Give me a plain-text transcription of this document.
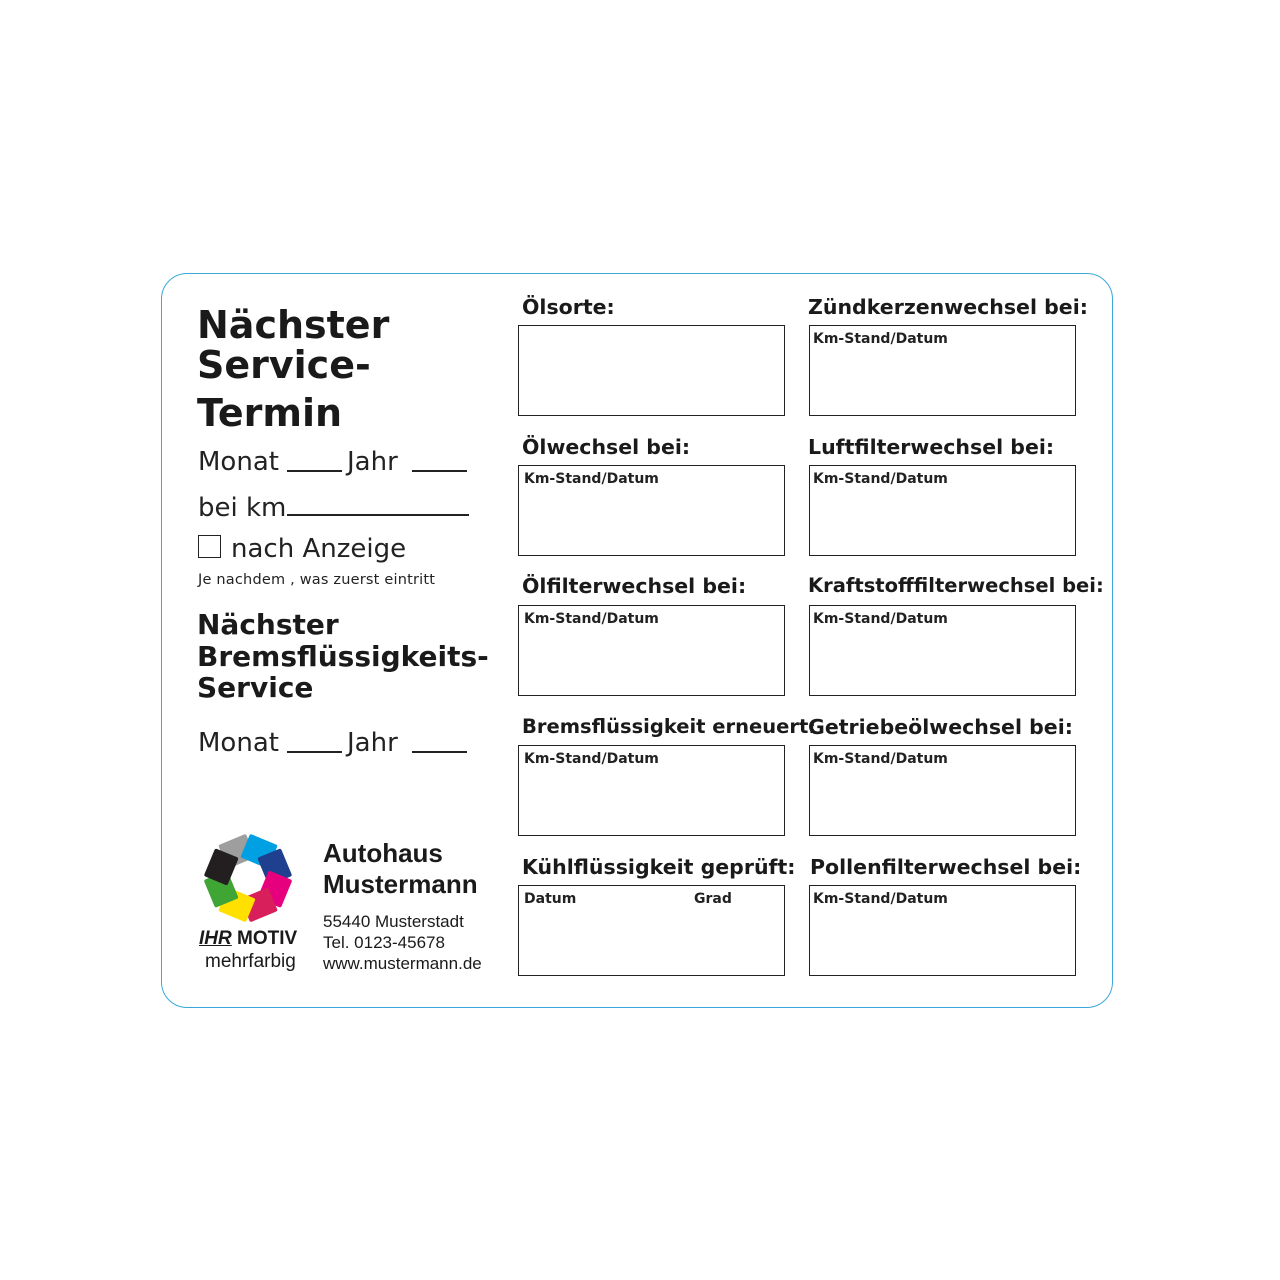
Nächster
Service-
Termin
Monat	Jahr
bei km
nach Anzeige
Je nachdem , was zuerst eintritt
Nächster
Bremsflüssigkeits-
Service
Monat	Jahr
IHR MOTIV
mehrfarbig
Autohaus
Mustermann
55440 Musterstadt
Tel. 0123-45678
www.mustermann.de
Ölsorte:
Ölwechsel bei:
Km-Stand/Datum
Ölfilterwechsel bei:
Km-Stand/Datum
Bremsflüssigkeit erneuert:
Km-Stand/Datum
Kühlflüssigkeit geprüft:
Datum	Grad
Zündkerzenwechsel bei:
Km-Stand/Datum
Luftfilterwechsel bei:
Km-Stand/Datum
Kraftstofffilterwechsel bei:
Km-Stand/Datum
Getriebeölwechsel bei:
Km-Stand/Datum
Pollenfilterwechsel bei:
Km-Stand/Datum
